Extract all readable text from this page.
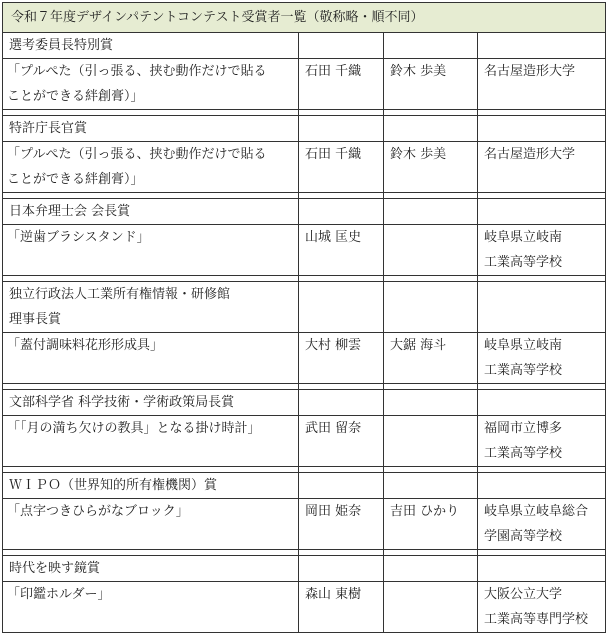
令和７年度デザインパテントコンテスト受賞者一覧（敬称略・順不同）			
選考委員長特別賞			
「プルぺた（引っ張る、挟む動作だけで貼る
ことができる絆創膏）」	石田 千織	鈴木 歩美	名古屋造形大学

特許庁長官賞			
「プルぺた（引っ張る、挟む動作だけで貼る
ことができる絆創膏）」	石田 千織	鈴木 歩美	名古屋造形大学

日本弁理士会 会長賞			
「逆歯ブラシスタンド」	山城 匡史		岐阜県立岐南
工業高等学校

独立行政法人工業所有権情報・研修館
理事長賞			
「蓋付調味料花形形成具」	大村 柳雲	大鋸 海斗	岐阜県立岐南
工業高等学校

文部科学省 科学技術・学術政策局長賞			
「「月の満ち欠けの教具」となる掛け時計」	武田 留奈		福岡市立博多
工業高等学校

ＷＩＰＯ（世界知的所有権機関）賞			
「点字つきひらがなブロック」	岡田 姫奈	吉田 ひかり	岐阜県立岐阜総合
学園高等学校

時代を映す鏡賞			
「印鑑ホルダー」	森山 東樹		大阪公立大学
工業高等専門学校
